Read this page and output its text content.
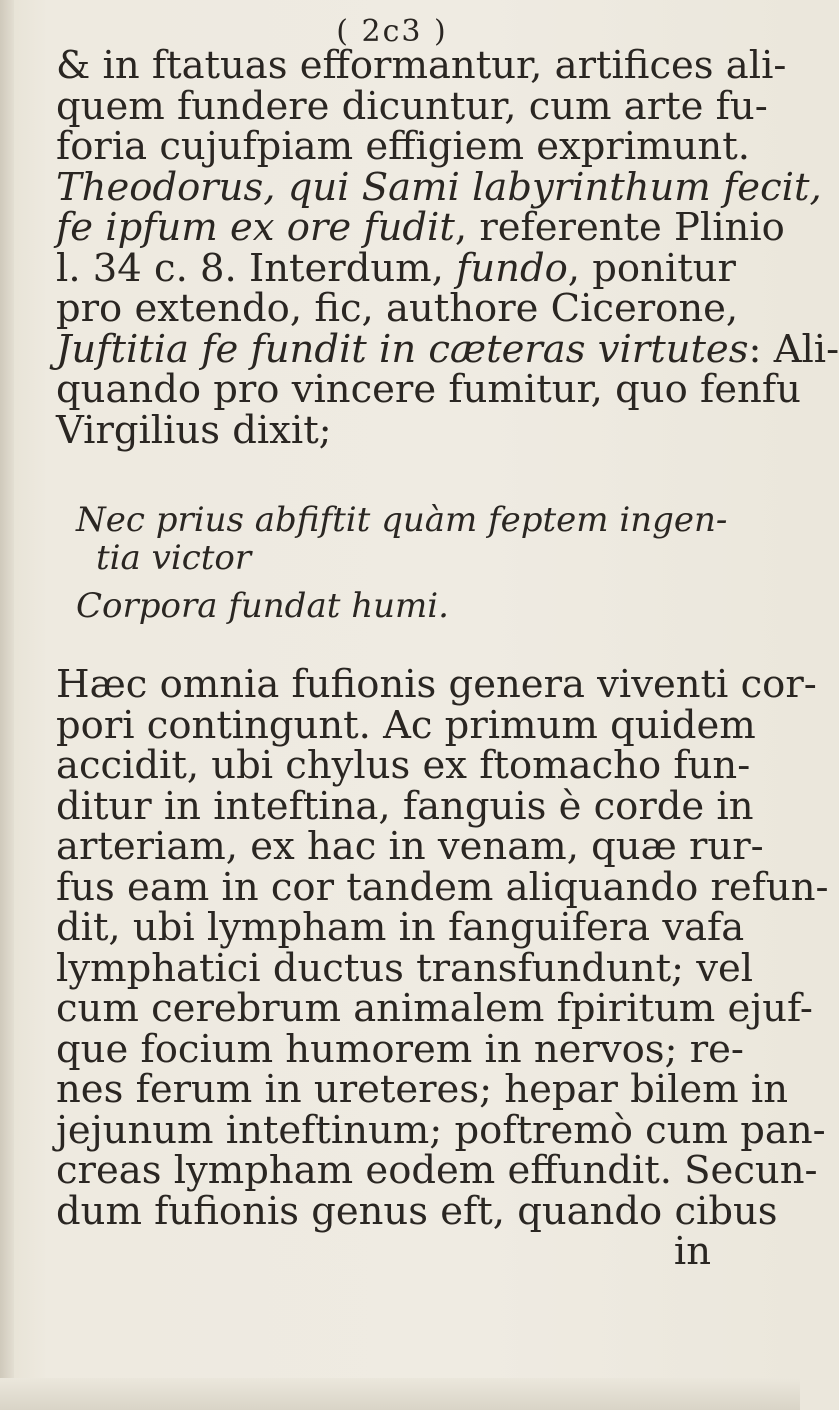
( 2c3 )
& in ftatuas efformantur, artifices ali-
quem fundere dicuntur, cum arte fu-
foria cujufpiam effigiem exprimunt.
Theodorus, qui Sami labyrinthum fecit,
fe ipfum ex ore fudit, referente Plinio
l. 34 c. 8. Interdum, fundo, ponitur
pro extendo, fic, authore Cicerone,
Juftitia fe fundit in cæteras virtutes: Ali-
quando pro vincere fumitur, quo fenfu
Virgilius dixit;
Nec prius abfiftit quàm feptem ingen-
tia victor
Corpora fundat humi.
Hæc omnia fufionis genera viventi cor-
pori contingunt. Ac primum quidem
accidit, ubi chylus ex ftomacho fun-
ditur in inteftina, fanguis è corde in
arteriam, ex hac in venam, quæ rur-
fus eam in cor tandem aliquando refun-
dit, ubi lympham in fanguifera vafa
lymphatici ductus transfundunt; vel
cum cerebrum animalem fpiritum ejuf-
que focium humorem in nervos; re-
nes ferum in ureteres; hepar bilem in
jejunum inteftinum; poftremò cum pan-
creas lympham eodem effundit. Secun-
dum fufionis genus eft, quando cibus
in
